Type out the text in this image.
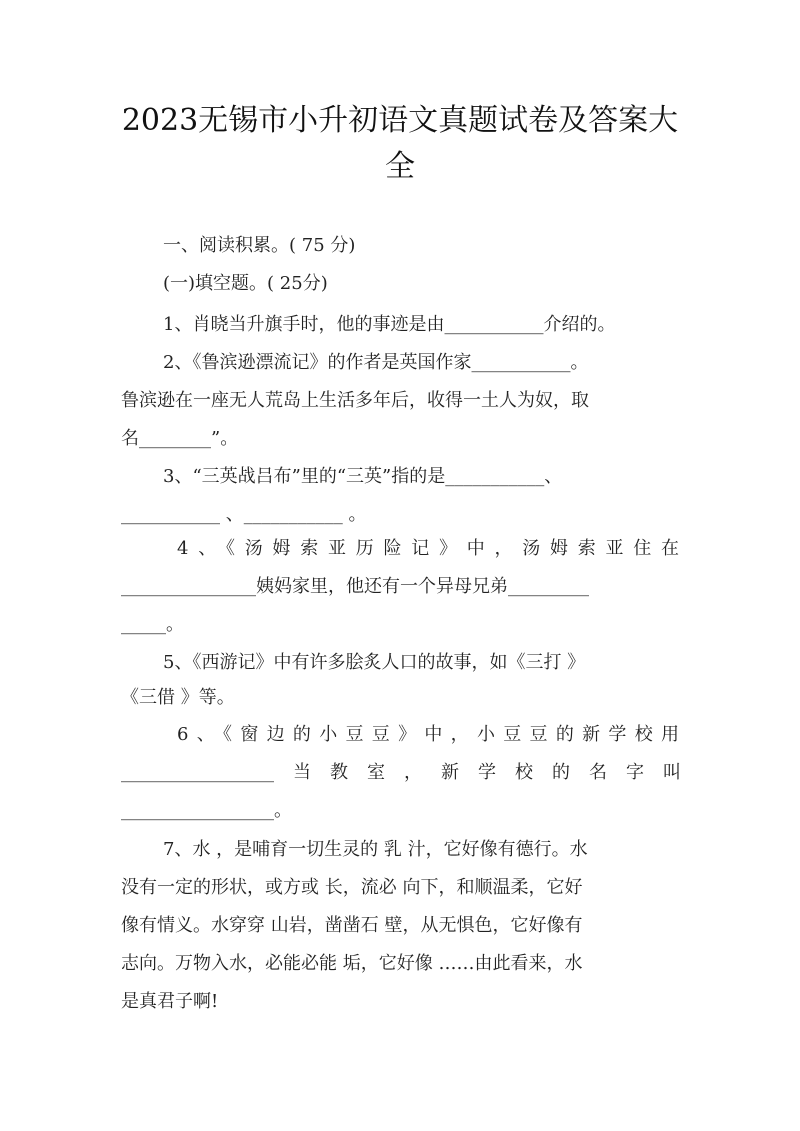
2023无锡市小升初语文真题试卷及答案大
全
一、阅读积累。( 75 分)
(一)填空题。( 25分)
1、肖晓当升旗手时，他的事迹是由___________介绍的。
2、《鲁滨逊漂流记》的作者是英国作家___________。
鲁滨逊在一座无人荒岛上生活多年后，收得一土人为奴，取
名________”。
3、“三英战吕布”里的“三英”指的是___________、
___________ 、___________ 。
4、《汤姆索亚历险记》中，汤姆索亚住在
_______________姨妈家里，他还有一个异母兄弟_________
_____。
5、《西游记》中有许多脍炙人口的故事，如《三打 》
《三借 》等。
6、《窗边的小豆豆》中，小豆豆的新学校用
_________________当教室，新学校的名字叫
_________________。
7、水 ，是哺育一切生灵的 乳 汁，它好像有德行。水
没有一定的形状，或方或 长，流必 向下，和顺温柔，它好
像有情义。水穿穿 山岩，凿凿石 壁，从无惧色，它好像有
志向。万物入水，必能必能 垢，它好像 ……由此看来，水
是真君子啊!
